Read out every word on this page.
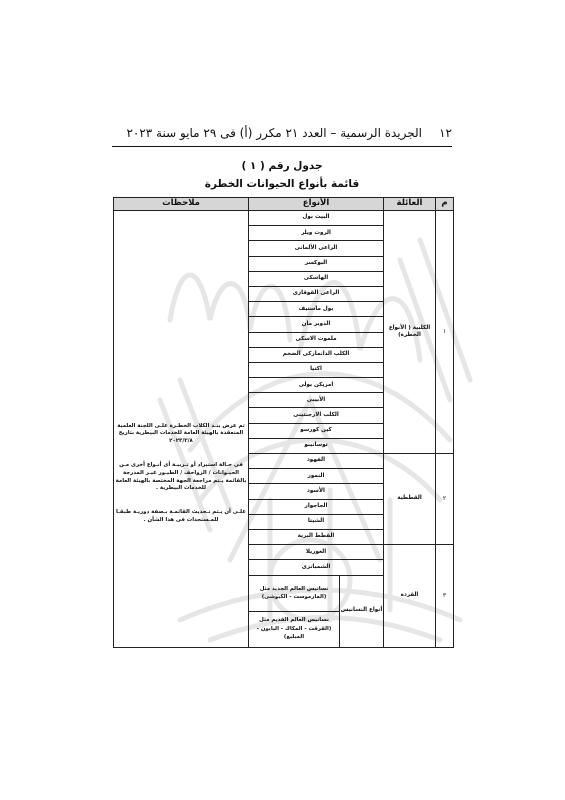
١٢
الجريدة الرسمية – العدد ٢١ مكرر (أ) فى ٢٩ مايو سنة ٢٠٢٣
جدول رقم ( ١ )
قائمة بأنواع الحيوانات الخطرة
م	العائلة	الأنواع		ملاحظات
١	الكلبية ( الأنواع الخطرة)	البيت بول		تم عرض بنـد الكلاب الخطـرة علـى اللجنة العلمية المنعقدة بالهيئة العامة للخدمات البيطرية بتاريخ ٢٠٢٣/٣/٨

فى حـالة استيراد أو تـربيـة أى أنـواع أخرى مـن الحيـوانات / الزواحف / الطيـور غيـر المدرجة بالقائمة يـتم مراجعة الجهة المختصة بالهيئة العامة للخدمات البيطرية .

علـى أن يـتم تـحديث القائمـة بـصفة دوريـة طبقـا للمـستجدات فى هذا الشأن .

		الروت ويلر		
		الراعى الألمانى		
		البوكسر		
		الهاسكى		
		الراعى القوقازى		
		بول ماستيف		
		الدوبر مان		
		ملموت الاسكى		
		الكلب الدانماركى الضخم		
		اكتيا		
		امريكن بولى		
		الأبيبى		
		الكلب الارجنتينى		
		كين كورسو		
		توسانينو		
٢	القططية	الفهود		
		النمور		
		الأسود		
		الجاجوار		
		الشيتا		
		القطط البرية		
٣	القردة	الغوريلا		
		الشمبانزى		
		أنواع النسانيس	نسانيس العالم الجديد مثل (المارموست - الكبوشى)	
			نسانيس العالم القديم مثل (القرقت - المكاك - البابون - المبلبع)	
